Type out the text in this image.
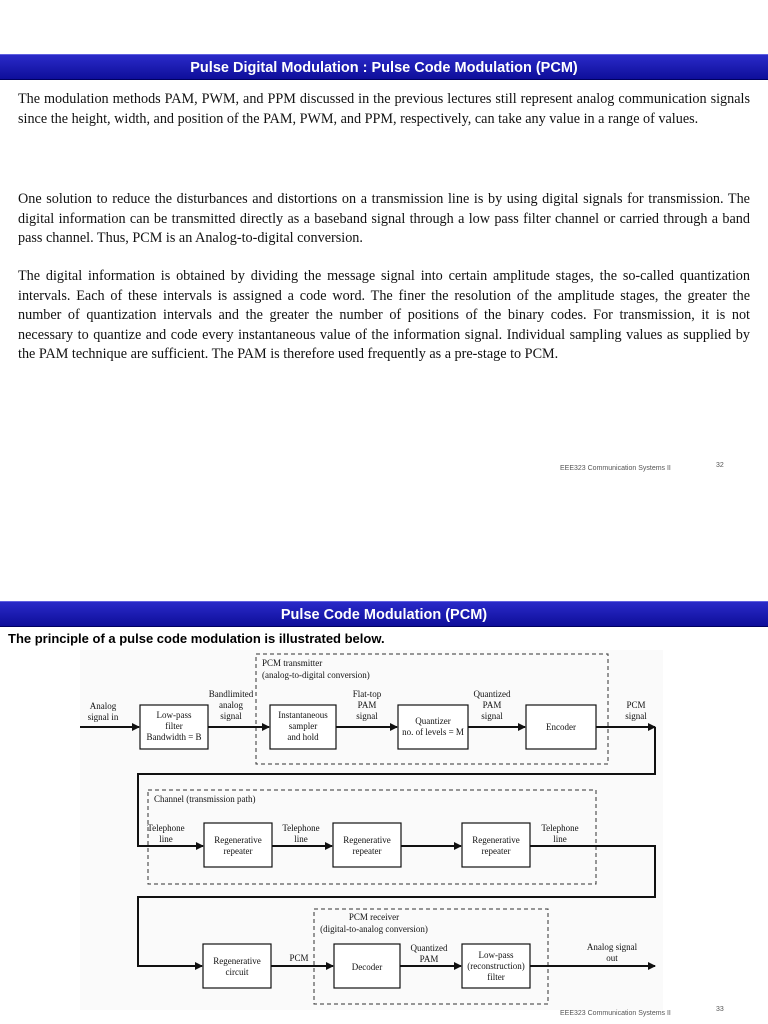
Pulse Digital Modulation : Pulse Code Modulation (PCM)

The modulation methods PAM, PWM, and PPM discussed in the previous lectures still represent analog communication signals since the height, width, and position of the PAM, PWM, and PPM, respectively, can take any value in a range of values.

One solution to reduce the disturbances and distortions on a transmission line is by using digital signals for transmission. The digital information can be transmitted directly as a baseband signal through a low pass filter channel or carried through a band pass channel. Thus, PCM is an Analog-to-digital conversion.

The digital information is obtained by dividing the message signal into certain amplitude stages, the so-called quantization intervals. Each of these intervals is assigned a code word. The finer the resolution of the amplitude stages, the greater the number of quantization intervals and the greater the number of positions of the binary codes. For transmission, it is not necessary to quantize and code every instantaneous value of the information signal. Individual sampling values as supplied by the PAM technique are sufficient. The PAM is therefore used frequently as a pre-stage to PCM.

EEE323 Communication Systems II	32
Pulse Code Modulation (PCM)
The principle of a pulse code modulation is illustrated below.
PCM transmitter
(analog-to-digital conversion)
Channel (transmission path)
PCM receiver
(digital-to-analog conversion)
Analog
signal in	Low-pass
filter
Bandwidth = B
Bandlimited
analog
signal	Instantaneous
sampler
and hold
Flat-top
PAM
signal	Quantizer
no. of levels = M
Quantized
PAM
signal
Encoder
PCM
signal
Telephone
line	Regenerative
repeater
Telephone
line	Regenerative
repeater
Regenerative
repeater
Telephone
line
Regenerative
circuit
PCM
Decoder
Quantized
PAM	Low-pass
(reconstruction)
filter
Analog signal
out
EEE323 Communication Systems II
33
